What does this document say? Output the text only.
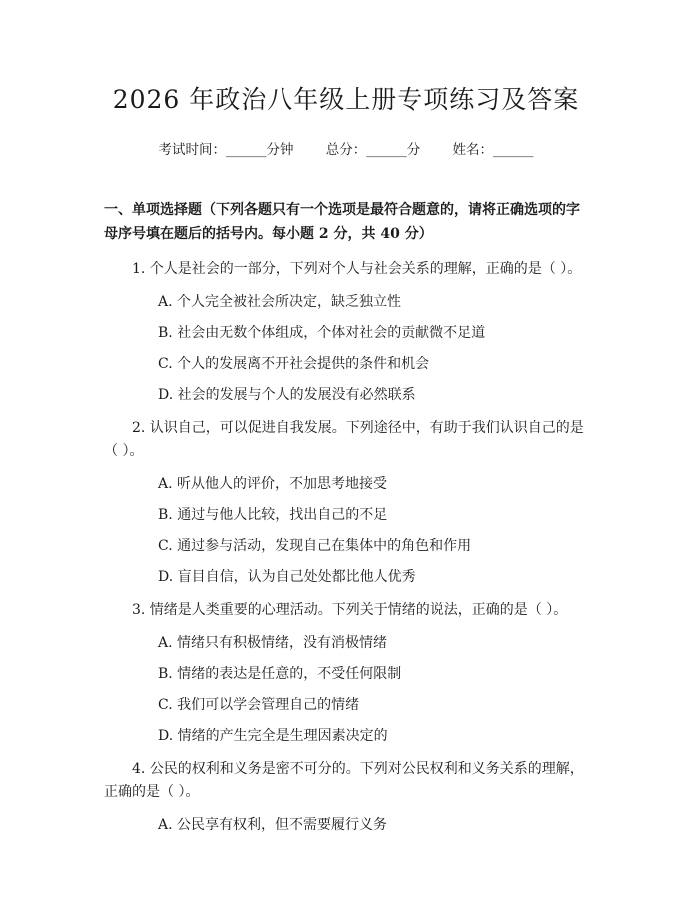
2026 年政治八年级上册专项练习及答案
考试时间：______分钟 总分：______分 姓名：______
一、单项选择题（下列各题只有一个选项是最符合题意的，请将正确选项的字母序号填在题后的括号内。每小题 2 分，共 40 分）
1. 个人是社会的一部分，下列对个人与社会关系的理解，正确的是（ ）。
A. 个人完全被社会所决定，缺乏独立性
B. 社会由无数个体组成，个体对社会的贡献微不足道
C. 个人的发展离不开社会提供的条件和机会
D. 社会的发展与个人的发展没有必然联系
2. 认识自己，可以促进自我发展。下列途径中，有助于我们认识自己的是（ ）。
A. 听从他人的评价，不加思考地接受
B. 通过与他人比较，找出自己的不足
C. 通过参与活动，发现自己在集体中的角色和作用
D. 盲目自信，认为自己处处都比他人优秀
3. 情绪是人类重要的心理活动。下列关于情绪的说法，正确的是（ ）。
A. 情绪只有积极情绪，没有消极情绪
B. 情绪的表达是任意的，不受任何限制
C. 我们可以学会管理自己的情绪
D. 情绪的产生完全是生理因素决定的
4. 公民的权利和义务是密不可分的。下列对公民权利和义务关系的理解，正确的是（ ）。
A. 公民享有权利，但不需要履行义务
